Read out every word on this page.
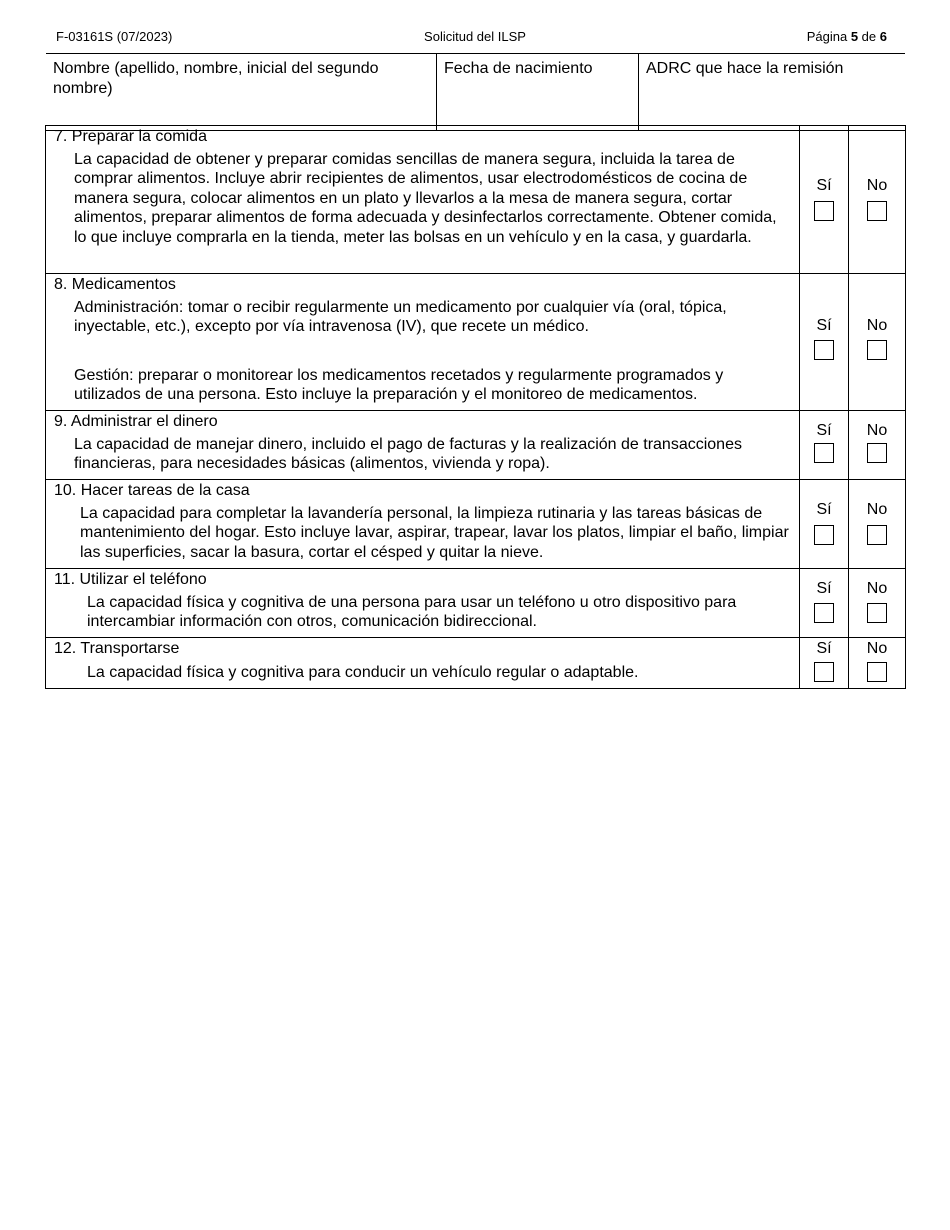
F-03161S (07/2023)	Solicitud del ILSP	Página 5 de 6
Nombre (apellido, nombre, inicial del segundo nombre)	Fecha de nacimiento	ADRC que hace la remisión

7. Preparar la comida

La capacidad de obtener y preparar comidas sencillas de manera segura, incluida la tarea de comprar alimentos. Incluye abrir recipientes de alimentos, usar electrodomésticos de cocina de manera segura, colocar alimentos en un plato y llevarlos a la mesa de manera segura, cortar alimentos, preparar alimentos de forma adecuada y desinfectarlos correctamente. Obtener comida, lo que incluye comprarla en la tienda, meter las bolsas en un vehículo y en la casa, y guardarla.	Sí	No

8. Medicamentos

Administración: tomar o recibir regularmente un medicamento por cualquier vía (oral, tópica, inyectable, etc.), excepto por vía intravenosa (IV), que recete un médico.

Gestión: preparar o monitorear los medicamentos recetados y regularmente programados y utilizados de una persona. Esto incluye la preparación y el monitoreo de medicamentos.	Sí	No

9. Administrar el dinero

La capacidad de manejar dinero, incluido el pago de facturas y la realización de transacciones financieras, para necesidades básicas (alimentos, vivienda y ropa).	Sí	No

10. Hacer tareas de la casa

La capacidad para completar la lavandería personal, la limpieza rutinaria y las tareas básicas de mantenimiento del hogar. Esto incluye lavar, aspirar, trapear, lavar los platos, limpiar el baño, limpiar las superficies, sacar la basura, cortar el césped y quitar la nieve.	Sí	No

11. Utilizar el teléfono

La capacidad física y cognitiva de una persona para usar un teléfono u otro dispositivo para intercambiar información con otros, comunicación bidireccional.	Sí	No

12. Transportarse

La capacidad física y cognitiva para conducir un vehículo regular o adaptable.	Sí	No
